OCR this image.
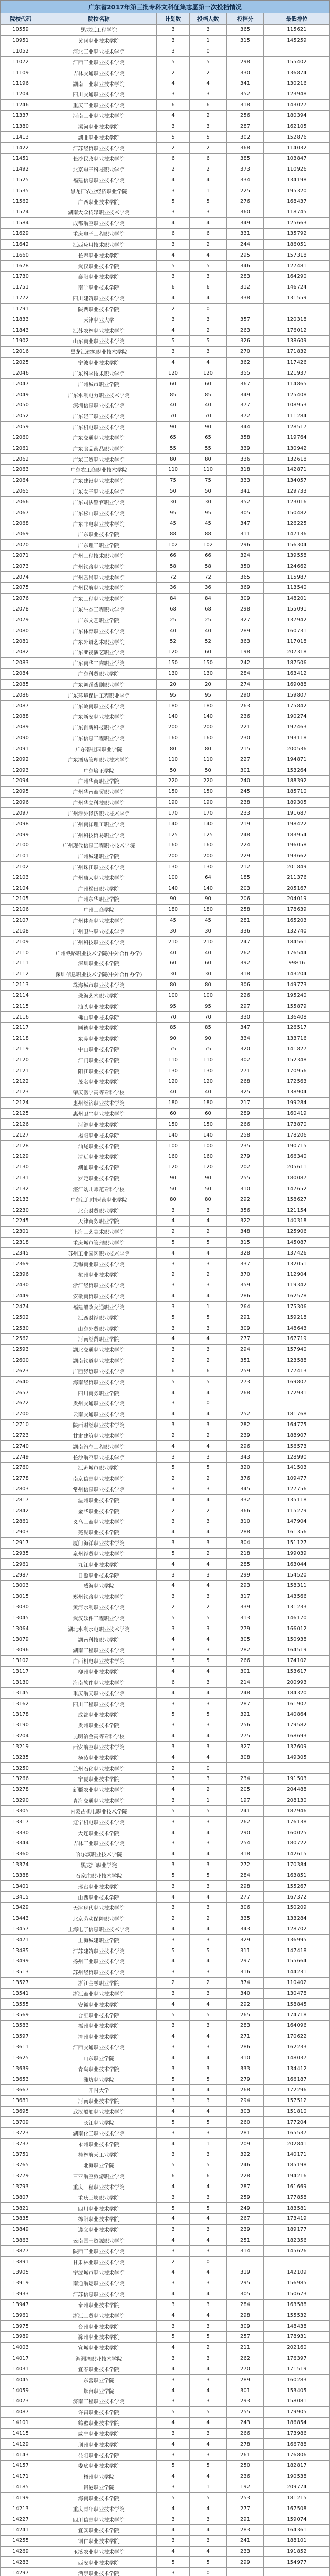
广东省2017年第三批专科文科征集志愿第一次投档情况
院校代码	院校名称	计划数	投档人数	投档分	最低排位
10559	黑龙江工程学院	3	3	365	115621
10951	黄冈职业技术学院	3	1	315	145259
11052	河北工业职业技术学院	3	0
11072	江西工业职业技术学院	5	5	298	155402
11109	吉林交通职业技术学院	2	2	330	136874
11196	湖南工业职业技术学院	4	4	341	130216
11204	四川交通职业技术学院	3	3	352	123948
11246	重庆工业职业技术学院	6	6	318	143027
11337	河南工业职业技术学院	4	2	256	180394
11380	漯河职业技术学院	3	3	287	162105
11413	湖北职业技术学院	5	5	302	152876
11422	江苏经贸职业技术学院	2	2	368	114032
11451	长沙民政职业技术学院	6	6	385	103847
11492	北京电子科技职业学院	2	2	373	110926
11525	福建信息职业技术学院	4	4	334	134198
11535	黑龙江农业经济职业学院	3	1	225	195320
11562	广西职业技术学院	5	5	276	168437
11574	湖南大众传媒职业技术学院	3	3	360	118745
11584	成都航空职业技术学院	4	4	349	125663
11629	重庆电子工程职业学院	6	6	331	135792
11642	江西应用技术职业学院	3	2	244	186051
11660	长春职业技术学院	4	4	295	157318
11678	武汉职业技术学院	5	5	346	127481
11730	襄阳职业技术学院	3	3	283	164290
11751	南宁职业技术学院	6	6	312	146724
11772	四川建筑职业技术学院	4	4	338	131559
11791	陕西职业技术学院	2	0
11833	天津职业大学	3	3	357	120318
11843	江苏农林职业技术学院	4	2	263	176012
11902	山东商业职业技术学院	5	5	326	138609
12016	黑龙江建筑职业技术学院	3	3	270	171832
12025	宁波职业技术学院	4	4	362	117426
12046	广东科学技术职业学院	120	120	355	121937
12047	广州城市职业学院	60	60	367	114865
12049	广东水利电力职业技术学院	85	85	349	125408
12050	深圳信息职业技术学院	40	40	377	108953
12052	广东轻工职业技术学院	70	70	372	111284
12059	广东机电职业技术学院	90	90	344	128517
12060	广东交通职业技术学院	65	65	358	119764
12061	广东食品药品职业学院	55	55	339	130942
12062	广东工贸职业技术学院	80	80	336	132618
12063	广东农工商职业技术学院	110	110	318	142871
12064	广东建设职业技术学院	75	75	333	134057
12065	广东女子职业技术学院	50	50	341	129733
12066	广东司法警官职业学院	30	30	352	123016
12067	广东松山职业技术学院	95	95	305	150482
12068	广东邮电职业技术学院	45	45	347	126225
12069	广东职业技术学院	88	88	311	147136
12070	广东理工职业学院	102	102	296	156304
12071	广州工程技术职业学院	66	66	324	139558
12073	广州铁路职业技术学院	58	58	350	124662
12074	广州番禺职业技术学院	72	72	365	115987
12075	广州民航职业技术学院	36	36	369	113540
12076	广东工程职业技术学院	84	84	309	148201
12078	广东生态工程职业学院	68	68	298	155091
12079	广东文艺职业学院	25	25	327	137942
12080	广东体育职业技术学院	40	40	289	160731
12081	广东外语艺术职业学院	52	52	363	117018
12082	广东亚视演艺职业学院	120	60	198	207318
12083	广东南华工商职业学院	150	150	242	187506
12084	广东科贸职业学院	130	130	284	163412
12085	广东舞蹈戏剧职业学院	20	20	274	169088
12086	广东环境保护工程职业学院	95	95	290	159807
12087	广东岭南职业技术学院	180	180	263	175842
12088	广东新安职业技术学院	140	140	236	190274
12089	广东创新科技职业学院	200	200	221	197463
12090	广东信息工程职业学院	160	160	230	193118
12091	广东碧桂园职业学院	80	80	215	200536
12092	广东酒店管理职业技术学院	110	110	227	194871
12093	广东培正学院	50	50	301	153264
12094	广州华商职业学院	220	220	240	188392
12095	广州华南商贸职业学院	150	150	245	185710
12096	广州华立科技职业学院	190	190	238	189305
12097	广州涉外经济职业技术学院	170	170	233	191687
12098	广州南洋理工职业学院	140	140	219	198422
12099	广州科技贸易职业学院	125	125	248	183954
12100	广州现代信息工程职业技术学院	160	160	224	196058
12101	广州城建职业学院	200	200	229	193662
12102	广州珠江职业技术学院	130	130	212	201849
12103	广州康大职业技术学院	100	64	185	211376
12104	广州松田职业学院	140	140	203	205167
12105	广州东华职业学院	90	90	206	204019
12106	广州工商学院	180	180	258	178639
12107	广州体育职业技术学院	45	45	281	165203
12108	广州卫生职业技术学院	30	30	336	132740
12109	广州科技职业技术学院	210	210	247	184561
12110	广州铁路职业技术学院(中外合作办学)	40	40	262	176544
12111	深圳职业技术学院	60	60	392	99816
12112	深圳信息职业技术学院(中外合作办学)	30	30	318	143204
12113	珠海城市职业技术学院	80	80	306	149773
12114	珠海艺术职业学院	100	100	226	195240
12115	汕头职业技术学院	95	95	297	155879
12116	佛山职业技术学院	70	70	330	136408
12117	顺德职业技术学院	85	85	347	126517
12118	东莞职业技术学院	90	90	334	133716
12119	中山职业技术学院	75	75	320	141827
12120	江门职业技术学院	110	110	302	152348
12121	阳江职业技术学院	130	130	271	170956
12122	茂名职业技术学院	120	120	268	172563
12123	肇庆医学高等专科学校	40	40	325	138904
12124	惠州经济职业技术学院	180	180	217	199284
12125	惠州卫生职业技术学院	60	60	289	160419
12126	河源职业技术学院	150	150	266	173870
12127	揭阳职业技术学院	140	140	258	178206
12128	汕尾职业技术学院	100	100	235	190715
12129	清远职业技术学院	160	160	279	166340
12130	潮汕职业技术学院	120	120	202	205611
12131	罗定职业技术学院	90	90	255	180087
12132	湛江幼儿师范专科学校	50	50	310	147652
12133	广东江门中医药职业学院	80	80	292	158627
12230	北京财贸职业学院	3	3	356	121154
12245	天津商务职业学院	4	4	322	140318
12301	上海工艺美术职业学院	2	2	348	125906
12318	重庆城市管理职业学院	5	5	315	145087
12345	苏州工业园区职业技术学院	4	4	328	137426
12369	无锡商业职业技术学院	3	3	337	132051
12396	杭州职业技术学院	2	2	370	112904
12430	浙江经贸职业技术学院	3	3	359	119342
12449	安徽商贸职业技术学院	4	4	286	162578
12474	福建船政交通职业学院	3	1	264	175306
12502	江西财经职业学院	5	5	291	159218
12530	山东外贸职业学院	3	3	309	148643
12562	河南经贸职业学院	4	4	277	167719
12593	湖北交通职业技术学院	3	3	294	157940
12600	湖南铁道职业技术学院	2	2	351	123588
12623	广西经贸职业技术学院	6	6	259	177413
12640	海南经贸职业技术学院	5	5	273	169807
12657	四川商务职业学院	4	4	268	172931
12672	贵州交通职业技术学院	3	0
12700	云南交通职业技术学院	4	4	252	181768
12710	陕西财经职业技术学院	3	3	282	164775
12723	甘肃建筑职业技术学院	2	2	239	188907
12740	湖南汽车工程职业学院	4	4	296	156573
12749	长沙航空职业技术学院	3	3	343	128990
12760	江苏城市职业学院	5	5	320	141503
12778	南京信息职业技术学院	2	2	376	109477
12803	常州信息职业技术学院	3	3	345	127756
12817	温州职业技术学院	4	4	332	135118
12842	金华职业技术学院	2	2	366	115279
12861	义乌工商职业技术学院	3	3	310	147904
12903	芜湖职业技术学院	4	4	288	161356
12917	厦门海洋职业技术学院	3	3	304	151127
12935	泉州经贸职业技术学院	5	2	218	199039
12961	九江职业技术学院	4	4	285	163044
12987	日照职业技术学院	3	3	299	154520
13003	威海职业学院	4	4	293	158311
13015	郑州铁路职业技术学院	3	3	317	143566
13030	黄河水利职业技术学院	2	2	339	131233
13045	武汉软件工程职业学院	5	5	313	146170
13064	湖北水利水电职业技术学院	3	3	279	166012
13079	湖南科技职业学院	4	4	305	150938
13096	湖南工程职业技术学院	3	3	282	164519
13102	广西机电职业技术学院	5	5	266	174102
13117	柳州职业技术学院	4	4	301	153617
13130	海南软件职业技术学院	6	3	214	200993
13145	重庆航天职业技术学院	4	4	248	184320
13162	四川工程职业技术学院	3	3	287	161907
13178	成都职业技术学院	5	5	321	140864
13190	贵州职业技术学院	3	3	256	179582
13204	昆明冶金高等专科学校	4	4	275	168693
13219	西安航空职业技术学院	3	3	327	137609
13235	杨凌职业技术学院	4	4	308	149305
13250	兰州石化职业技术学院	2	0
13266	宁夏职业技术学院	3	3	234	191503
13278	新疆农业职业技术学院	4	2	205	204488
13290	青海交通职业技术学院	3	1	197	208130
13305	内蒙古机电职业技术学院	5	5	241	187946
13317	辽宁机电职业技术学院	3	3	262	176138
13330	大连职业技术学院	4	4	290	160025
13344	吉林工业职业技术学院	3	3	254	180722
13360	哈尔滨职业技术学院	4	4	318	142615
13374	黑龙江职业学院	3	3	272	170384
13388	石家庄职业技术学院	5	5	284	163851
13401	邢台职业技术学院	3	3	298	155267
13415	山西职业技术学院	4	4	277	167372
13429	天津现代职业技术学院	3	3	306	150209
13443	北京劳动保障职业学院	2	2	335	133284
13457	上海电子信息职业技术学院	4	4	343	128702
13471	上海城建职业学院	3	3	329	136995
13485	江苏建筑职业技术学院	5	5	311	147418
13499	扬州工业职业技术学院	4	4	297	155664
13513	苏州经贸职业技术学院	3	3	316	144231
13527	浙江金融职业学院	2	2	374	110402
13541	浙江商业职业技术学院	3	3	340	130478
13555	安徽职业技术学院	4	4	292	158845
13569	合肥职业技术学院	5	5	265	174718
13583	福州职业技术学院	3	3	283	164096
13597	漳州职业技术学院	4	4	271	170622
13611	江西交通职业技术学院	3	3	286	162233
13625	山东职业学院	4	4	310	148037
13639	青岛职业技术学院	3	3	333	134412
13653	潍坊职业学院	5	5	279	166187
13667	开封大学	4	4	268	172296
13681	河南职业技术学院	3	3	294	157512
13695	武汉船舶职业技术学院	4	4	303	151810
13709	长江职业学院	5	5	260	177204
13723	湖南化工职业技术学院	3	3	281	165537
13737	永州职业技术学院	4	1	209	202841
13751	桂林航天工业学院	3	3	322	140171
13765	北海职业学院	5	5	246	185198
13779	三亚航空旅游职业学院	6	6	228	194216
13793	重庆工程职业技术学院	4	4	287	161669
13807	重庆三峡职业学院	3	3	259	177858
13821	四川职业技术学院	5	5	249	183581
13835	绵阳职业技术学院	4	4	267	173419
13849	遵义职业技术学院	3	3	239	189177
13863	云南国土资源职业学院	4	4	251	182356
13877	陕西工业职业技术学院	3	3	314	145626
13891	甘肃林业职业技术学院	2	0
13905	宁波城市职业技术学院	4	4	319	142109
13919	南通航运职业技术学院	3	3	295	156985
13933	江苏信息职业技术学院	4	4	305	150673
13947	泰州职业技术学院	3	3	284	163588
13961	浙江工贸职业技术学院	4	4	298	155532
13975	台州职业技术学院	3	3	309	148438
13989	滁州职业技术学院	5	5	257	178931
14003	宣城职业技术学院	4	2	211	202160
14017	湄洲湾职业技术学院	3	3	262	176397
14031	宜春职业技术学院	4	4	270	171519
14045	东营职业学院	3	3	289	160283
14059	烟台职业学院	4	4	301	153405
14073	济南工程职业技术学院	3	3	293	158081
14087	许昌职业技术学院	5	5	255	179905
14101	鹤壁职业技术学院	4	4	243	186854
14115	咸宁职业技术学院	3	3	266	173986
14129	荆州职业技术学院	4	4	278	166788
14143	益阳职业技术学院	3	3	261	176806
14157	娄底职业技术学院	5	5	250	182817
14171	梧州职业学院	4	4	236	190538
14185	贵港职业学院	3	1	192	209774
14199	海南职业技术学院	5	5	253	181215
14213	重庆青年职业技术学院	4	4	277	167508
14227	四川信息职业技术学院	3	3	291	159074
14241	宜宾职业技术学院	4	4	283	164361
14255	铜仁职业技术学院	3	3	241	188101
14269	玉溪农业职业技术学院	4	4	233	191852
14283	西安职业技术学院	5	5	299	154977
14297	酒泉职业技术学院	3	0
